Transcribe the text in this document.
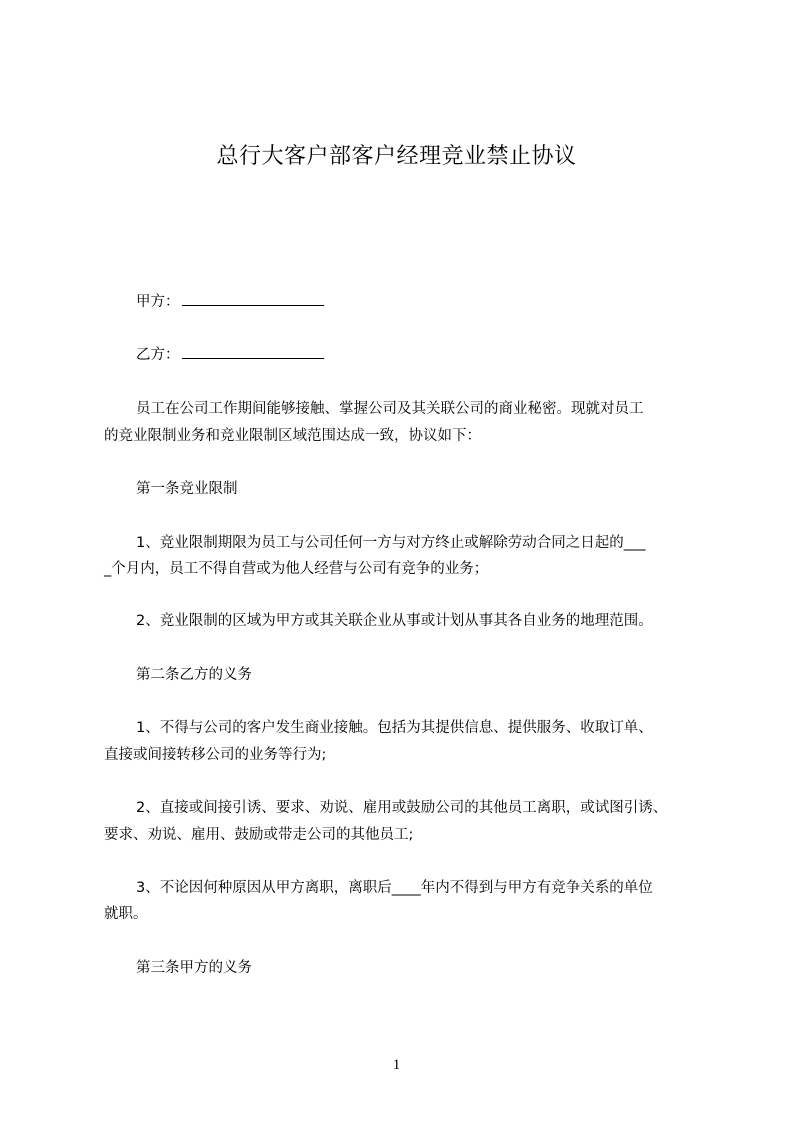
总行大客户部客户经理竞业禁止协议
甲方：
乙方：
员工在公司工作期间能够接触、掌握公司及其关联公司的商业秘密。现就对员工
的竞业限制业务和竞业限制区域范围达成一致，协议如下：
第一条竞业限制
1、竞业限制期限为员工与公司任何一方与对方终止或解除劳动合同之日起的___
_个月内，员工不得自营或为他人经营与公司有竞争的业务；
2、竞业限制的区域为甲方或其关联企业从事或计划从事其各自业务的地理范围。
第二条乙方的义务
1、不得与公司的客户发生商业接触。包括为其提供信息、提供服务、收取订单、
直接或间接转移公司的业务等行为;
2、直接或间接引诱、要求、劝说、雇用或鼓励公司的其他员工离职，或试图引诱、
要求、劝说、雇用、鼓励或带走公司的其他员工;
3、不论因何种原因从甲方离职，离职后____年内不得到与甲方有竞争关系的单位
就职。
第三条甲方的义务
1
